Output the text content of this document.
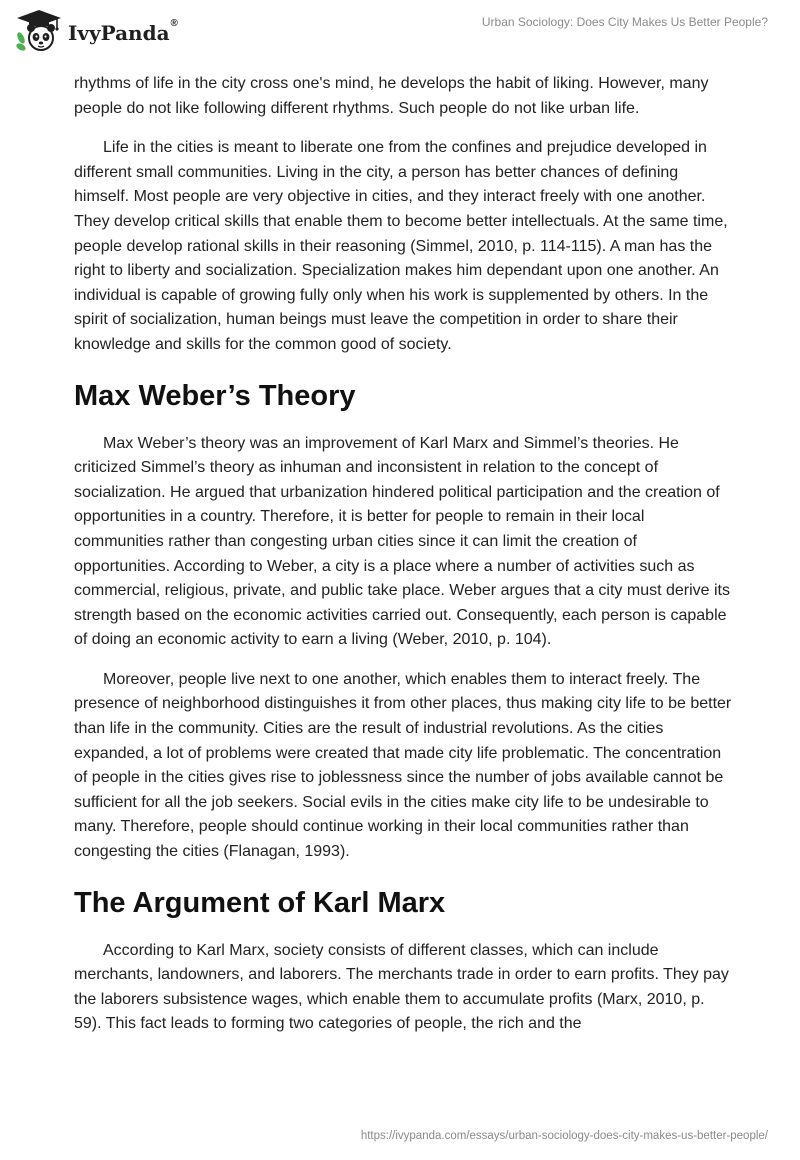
IvyPanda®	Urban Sociology: Does City Makes Us Better People?

rhythms of life in the city cross one's mind, he develops the habit of liking. However, many people do not like following different rhythms. Such people do not like urban life.

Life in the cities is meant to liberate one from the confines and prejudice developed in different small communities. Living in the city, a person has better chances of defining himself. Most people are very objective in cities, and they interact freely with one another. They develop critical skills that enable them to become better intellectuals. At the same time, people develop rational skills in their reasoning (Simmel, 2010, p. 114-115). A man has the right to liberty and socialization. Specialization makes him dependant upon one another. An individual is capable of growing fully only when his work is supplemented by others. In the spirit of socialization, human beings must leave the competition in order to share their knowledge and skills for the common good of society.

Max Weber’s Theory

Max Weber’s theory was an improvement of Karl Marx and Simmel’s theories. He criticized Simmel’s theory as inhuman and inconsistent in relation to the concept of socialization. He argued that urbanization hindered political participation and the creation of opportunities in a country. Therefore, it is better for people to remain in their local communities rather than congesting urban cities since it can limit the creation of opportunities. According to Weber, a city is a place where a number of activities such as commercial, religious, private, and public take place. Weber argues that a city must derive its strength based on the economic activities carried out. Consequently, each person is capable of doing an economic activity to earn a living (Weber, 2010, p. 104).

Moreover, people live next to one another, which enables them to interact freely. The presence of neighborhood distinguishes it from other places, thus making city life to be better than life in the community. Cities are the result of industrial revolutions. As the cities expanded, a lot of problems were created that made city life problematic. The concentration of people in the cities gives rise to joblessness since the number of jobs available cannot be sufficient for all the job seekers. Social evils in the cities make city life to be undesirable to many. Therefore, people should continue working in their local communities rather than congesting the cities (Flanagan, 1993).

The Argument of Karl Marx

According to Karl Marx, society consists of different classes, which can include merchants, landowners, and laborers. The merchants trade in order to earn profits. They pay the laborers subsistence wages, which enable them to accumulate profits (Marx, 2010, p. 59). This fact leads to forming two categories of people, the rich and the

https://ivypanda.com/essays/urban-sociology-does-city-makes-us-better-people/
